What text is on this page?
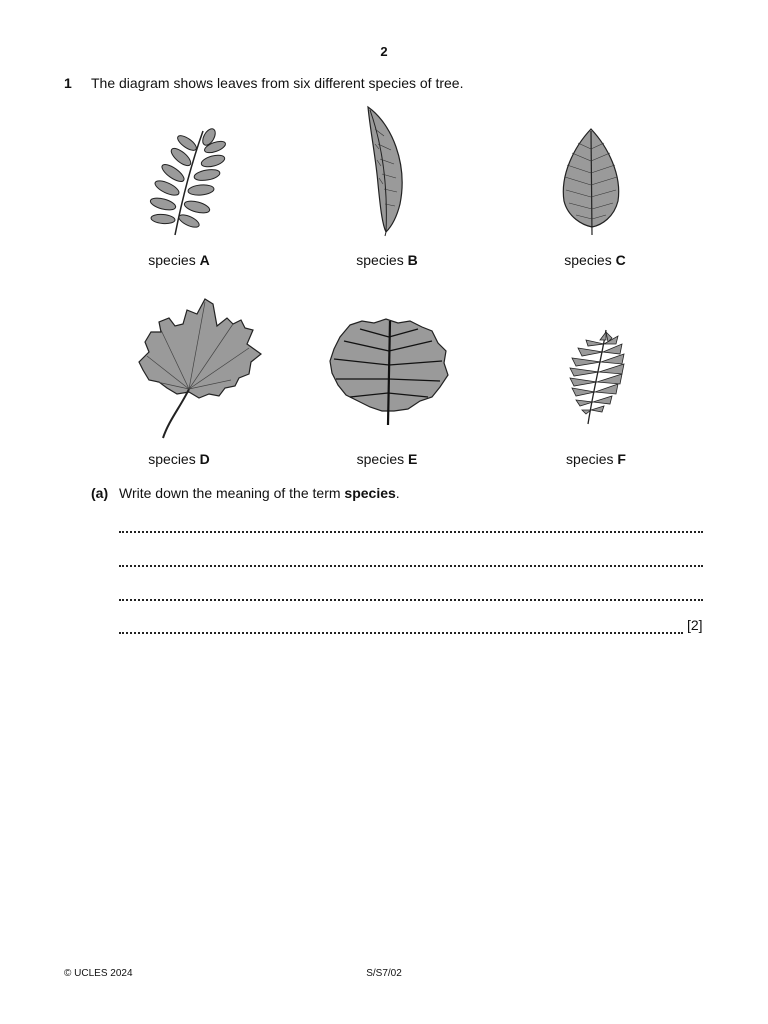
2
1 The diagram shows leaves from six different species of tree.
species A	species B	species C
species D	species E	species F
(a) Write down the meaning of the term species.
[2]
© UCLES 2024	S/S7/02
